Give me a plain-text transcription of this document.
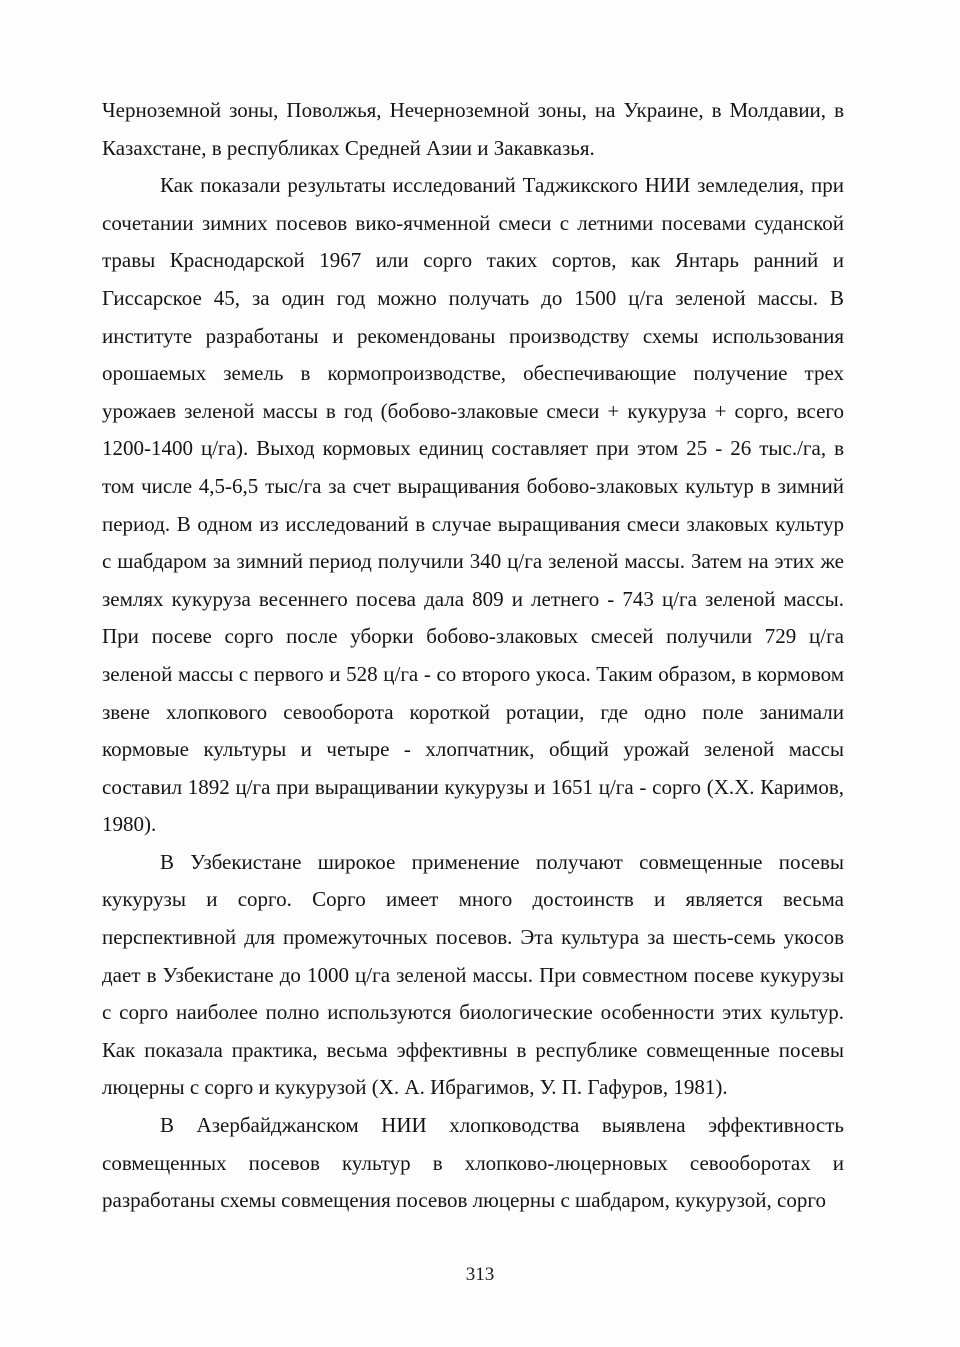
Черноземной зоны, Поволжья, Нечерноземной зоны, на Украине, в Молдавии, в Казахстане, в республиках Средней Азии и Закавказья.

Как показали результаты исследований Таджикского НИИ земледелия, при сочетании зимних посевов вико-ячменной смеси с летними посевами суданской травы Краснодарской 1967 или сорго таких сортов, как Янтарь ранний и Гиссарское 45, за один год можно получать до 1500 ц/га зеленой массы. В институте разработаны и рекомендованы производству схемы использования орошаемых земель в кормопроизводстве, обеспечивающие получение трех урожаев зеленой массы в год (бобово-злаковые смеси + кукуруза + сорго, всего 1200-1400 ц/га). Выход кормовых единиц составляет при этом 25 - 26 тыс./га, в том числе 4,5-6,5 тыс/га за счет выращивания бобово-злаковых культур в зимний период. В одном из исследований в случае выращивания смеси злаковых культур с шабдаром за зимний период получили 340 ц/га зеленой массы. Затем на этих же землях кукуруза весеннего посева дала 809 и летнего - 743 ц/га зеленой массы. При посеве сорго после уборки бобово-злаковых смесей получили 729 ц/га зеленой массы с первого и 528 ц/га - со второго укоса. Таким образом, в кормовом звене хлопкового севооборота короткой ротации, где одно поле занимали кормовые культуры и четыре - хлопчатник, общий урожай зеленой массы составил 1892 ц/га при выращивании кукурузы и 1651 ц/га - сорго (Х.Х. Каримов, 1980).

В Узбекистане широкое применение получают совмещенные посевы кукурузы и сорго. Сорго имеет много достоинств и является весьма перспективной для промежуточных посевов. Эта культура за шесть-семь укосов дает в Узбекистане до 1000 ц/га зеленой массы. При совместном посеве кукурузы с сорго наиболее полно используются биологические особенности этих культур. Как показала практика, весьма эффективны в республике совмещенные посевы люцерны с сорго и кукурузой (Х. А. Ибрагимов, У. П. Гафуров, 1981).

В Азербайджанском НИИ хлопководства выявлена эффективность совмещенных посевов культур в хлопково-люцерновых севооборотах и разработаны схемы совмещения посевов люцерны с шабдаром, кукурузой, сорго

313
